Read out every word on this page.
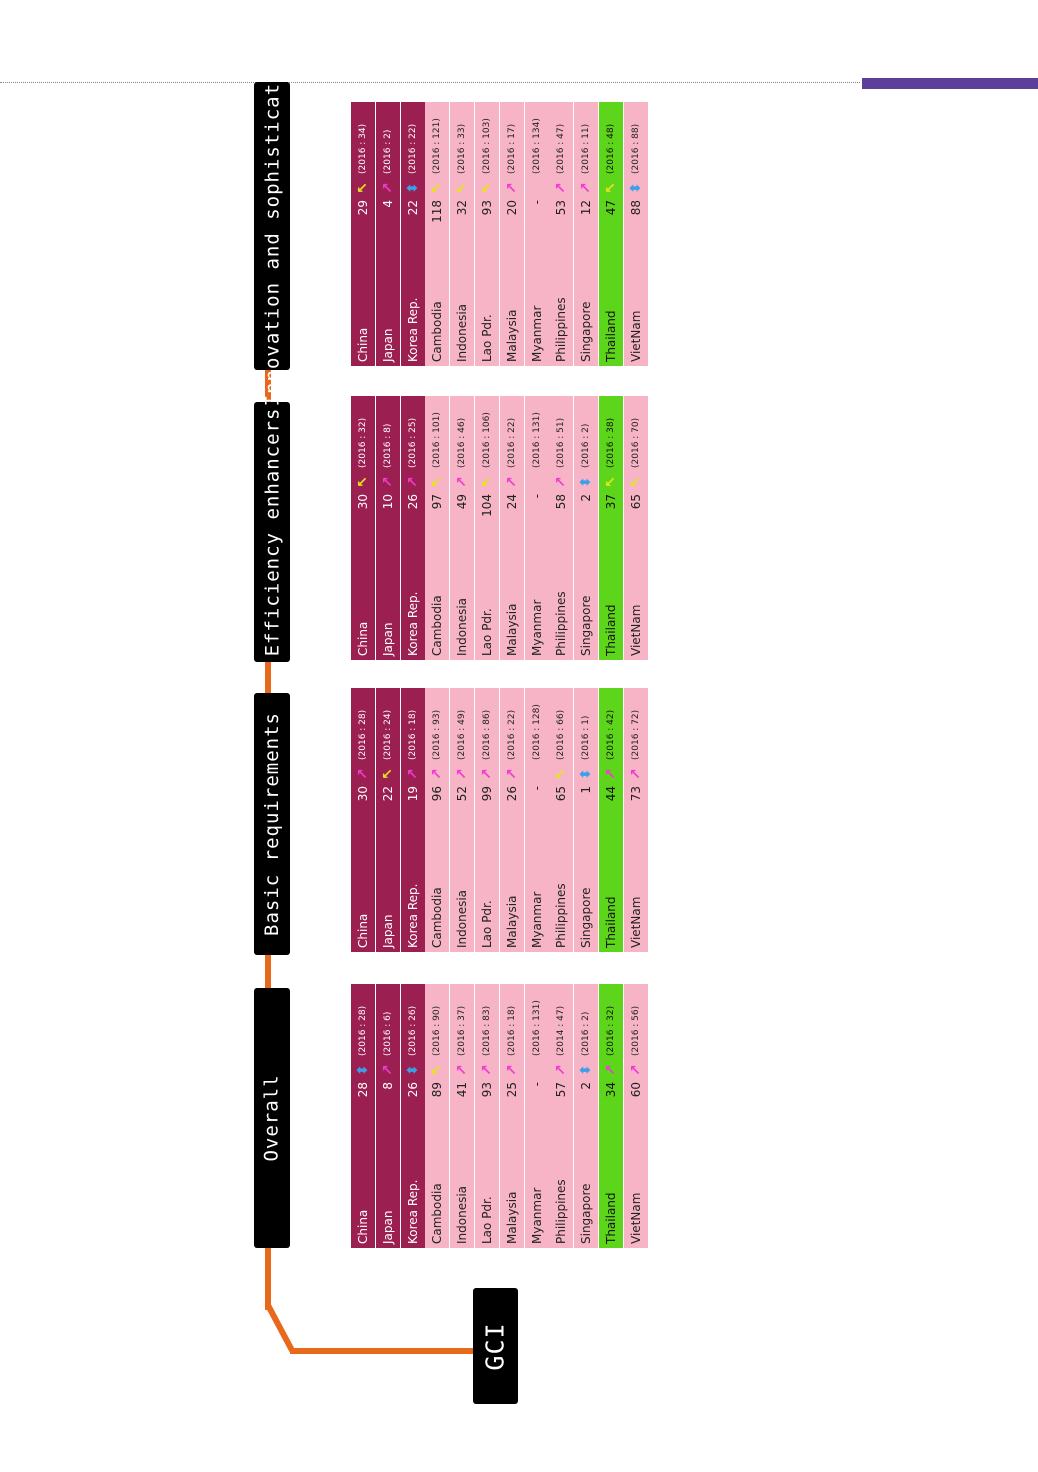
Overall
Basic requirements
Efficiency enhancers
Innovation and sophistication
GCI
China
28
⬍
(2016 : 28)
Japan
8
↗
(2016 : 6)
Korea Rep.
26
⬍
(2016 : 26)
Cambodia
89
↖
(2016 : 90)
Indonesia
41
↗
(2016 : 37)
Lao Pdr.
93
↗
(2016 : 83)
Malaysia
25
↗
(2016 : 18)
Myanmar
-
(2016 : 131)
Philippines
57
↗
(2014 : 47)
Singapore
2
⬍
(2016 : 2)
Thailand
34
↗
(2016 : 32)
VietNam
60
↗
(2016 : 56)
China
30
↗
(2016 : 28)
Japan
22
↖
(2016 : 24)
Korea Rep.
19
↗
(2016 : 18)
Cambodia
96
↗
(2016 : 93)
Indonesia
52
↗
(2016 : 49)
Lao Pdr.
99
↗
(2016 : 86)
Malaysia
26
↗
(2016 : 22)
Myanmar
-
(2016 : 128)
Philippines
65
↖
(2016 : 66)
Singapore
1
⬍
(2016 : 1)
Thailand
44
↗
(2016 : 42)
VietNam
73
↗
(2016 : 72)
China
30
↖
(2016 : 32)
Japan
10
↗
(2016 : 8)
Korea Rep.
26
↗
(2016 : 25)
Cambodia
97
↖
(2016 : 101)
Indonesia
49
↗
(2016 : 46)
Lao Pdr.
104
↖
(2016 : 106)
Malaysia
24
↗
(2016 : 22)
Myanmar
-
(2016 : 131)
Philippines
58
↗
(2016 : 51)
Singapore
2
⬍
(2016 : 2)
Thailand
37
↖
(2016 : 38)
VietNam
65
↖
(2016 : 70)
China
29
↖
(2016 : 34)
Japan
4
↗
(2016 : 2)
Korea Rep.
22
⬍
(2016 : 22)
Cambodia
118
↖
(2016 : 121)
Indonesia
32
↖
(2016 : 33)
Lao Pdr.
93
↖
(2016 : 103)
Malaysia
20
↗
(2016 : 17)
Myanmar
-
(2016 : 134)
Philippines
53
↗
(2016 : 47)
Singapore
12
↗
(2016 : 11)
Thailand
47
↖
(2016 : 48)
VietNam
88
⬍
(2016 : 88)
